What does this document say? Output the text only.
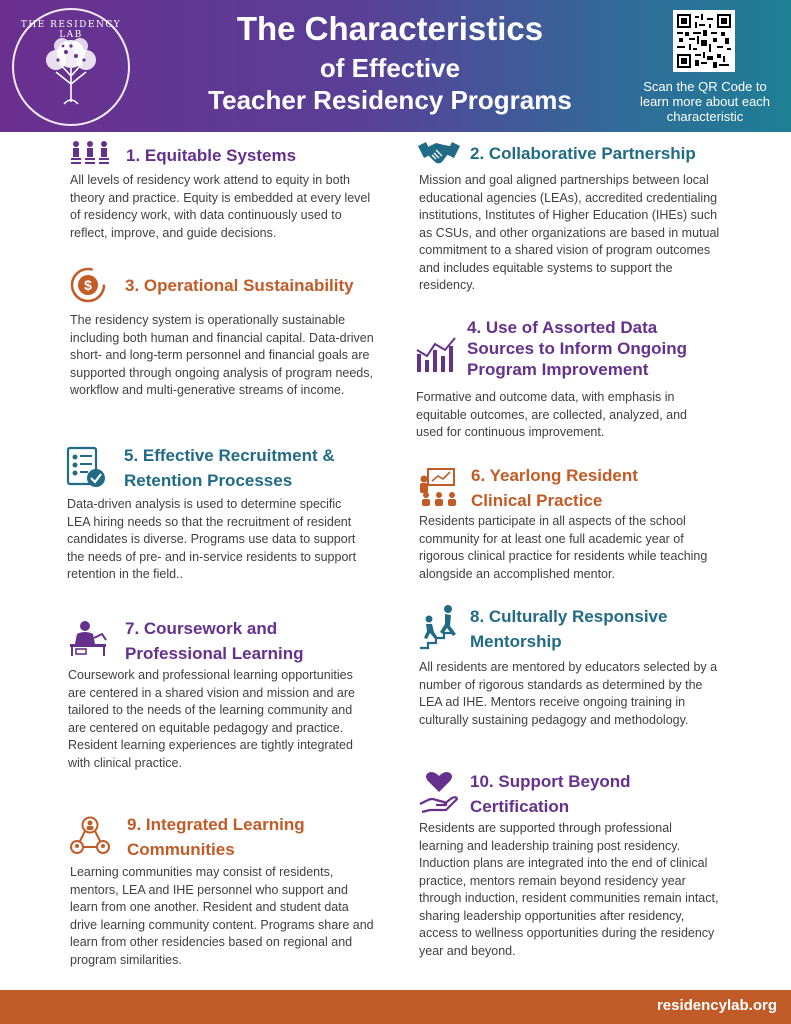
THE RESIDENCY LAB	The Characteristics
of Effective
Teacher Residency Programs	Scan the QR Code to learn more about each characteristic
1. Equitable Systems

All levels of residency work attend to equity in both theory and practice. Equity is embedded at every level of residency work, with data continuously used to reflect, improve, and guide decisions.

2. Collaborative Partnership

Mission and goal aligned partnerships between local educational agencies (LEAs), accredited credentialing institutions, Institutes of Higher Education (IHEs) such as CSUs, and other organizations are based in mutual commitment to a shared vision of program outcomes and includes equitable systems to support the residency.

$ 3. Operational Sustainability

The residency system is operationally sustainable including both human and financial capital. Data-driven short- and long-term personnel and financial goals are supported through ongoing analysis of program needs, workflow and multi-generative streams of income.

4. Use of Assorted Data
Sources to Inform Ongoing
Program Improvement

Formative and outcome data, with emphasis in equitable outcomes, are collected, analyzed, and used for continuous improvement.

5. Effective Recruitment &
Retention Processes

Data-driven analysis is used to determine specific LEA hiring needs so that the recruitment of resident candidates is diverse. Programs use data to support the needs of pre- and in-service residents to support retention in the field..

6. Yearlong Resident
Clinical Practice

Residents participate in all aspects of the school community for at least one full academic year of rigorous clinical practice for residents while teaching alongside an accomplished mentor.

7. Coursework and
Professional Learning

Coursework and professional learning opportunities are centered in a shared vision and mission and are tailored to the needs of the learning community and are centered on equitable pedagogy and practice. Resident learning experiences are tightly integrated with clinical practice.

8. Culturally Responsive
Mentorship

All residents are mentored by educators selected by a number of rigorous standards as determined by the LEA ad IHE. Mentors receive ongoing training in culturally sustaining pedagogy and methodology.

9. Integrated Learning
Communities

Learning communities may consist of residents, mentors, LEA and IHE personnel who support and learn from one another. Resident and student data drive learning community content. Programs share and learn from other residencies based on regional and program similarities.

10. Support Beyond
Certification

Residents are supported through professional learning and leadership training post residency. Induction plans are integrated into the end of clinical practice, mentors remain beyond residency year through induction, resident communities remain intact, sharing leadership opportunities after residency, access to wellness opportunities during the residency year and beyond.

residencylab.org
